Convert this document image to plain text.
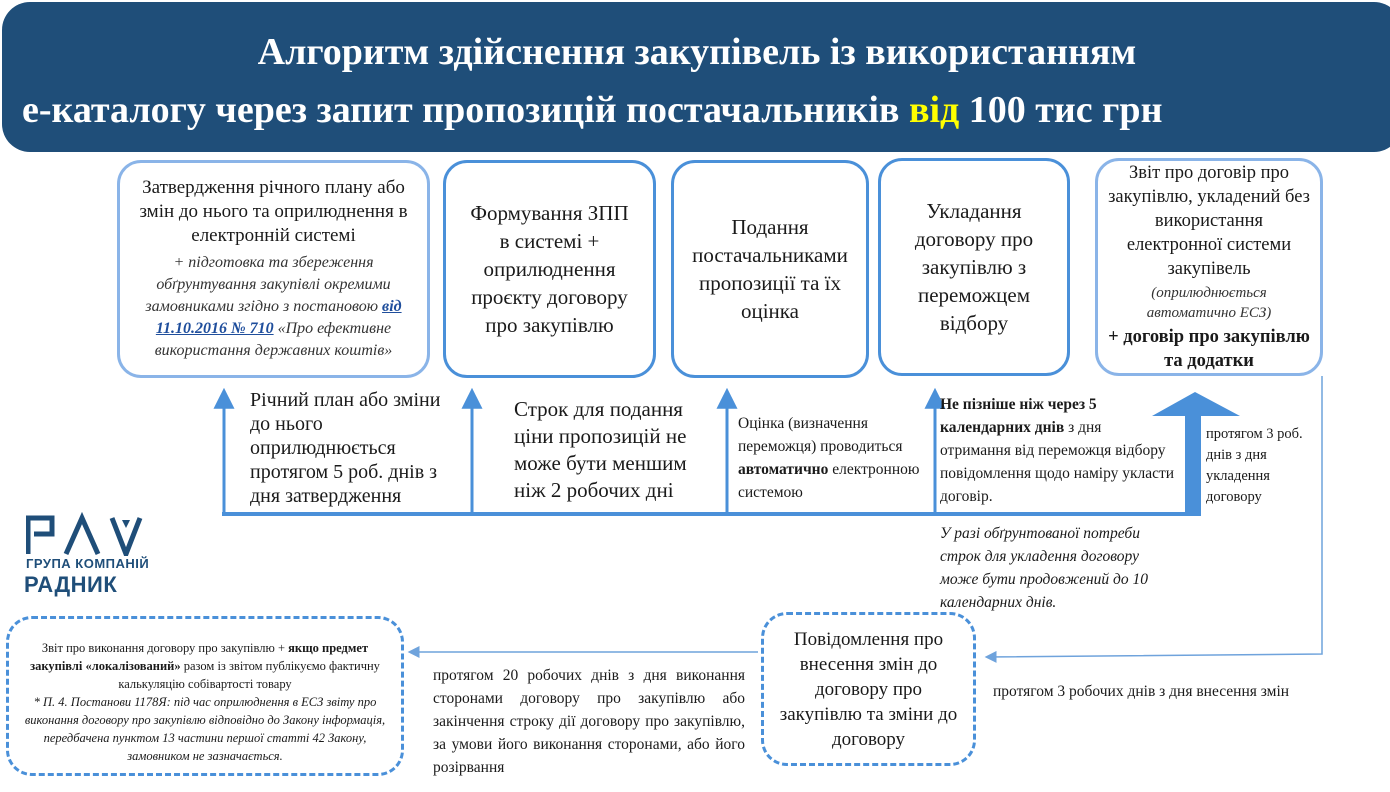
Алгоритм здійснення закупівель із використанням
е-каталогу через запит пропозицій постачальників від 100 тис грн
Затвердження річного плану або змін до нього та оприлюднення в електронній системі
+ підготовка та збереження обґрунтування закупівлі окремими замовниками згідно з постановою від 11.10.2016 № 710 «Про ефективне використання державних коштів»
Формування ЗПП в системі + оприлюднення проєкту договору про закупівлю
Подання постачальниками пропозиції та їх оцінка
Укладання договору про закупівлю з переможцем відбору
Звіт про договір про закупівлю, укладений без використання електронної системи закупівель
(оприлюднюється автоматично ЕСЗ)
+ договір про закупівлю та додатки
Річний план або зміни до нього оприлюднюється протягом 5 роб. днів з дня затвердження
Строк для подання ціни пропозицій не може бути меншим ніж 2 робочих дні
Оцінка (визначення переможця) проводиться автоматично електронною системою
Не пізніше ніж через 5 календарних днів з дня отримання від переможця відбору повідомлення щодо наміру укласти договір.
У разі обґрунтованої потреби строк для укладення договору може бути продовжений до 10 календарних днів.
протягом 3 роб. днів з дня укладення договору
протягом 3 робочих днів з дня внесення змін
протягом 20 робочих днів з дня виконання сторонами договору про закупівлю або закінчення строку дії договору про закупівлю, за умови його виконання сторонами, або його розірвання
Повідомлення про внесення змін до договору про закупівлю та зміни до договору
Звіт про виконання договору про закупівлю + якщо предмет закупівлі «локалізований» разом із звітом публікуємо фактичну калькуляцію собівартості товару
* П. 4. Постанови 1178Я: під час оприлюднення в ЕСЗ звіту про виконання договору про закупівлю відповідно до Закону інформація, передбачена пунктом 13 частини першої статті 42 Закону, замовником не зазначається.
ГРУПА КОМПАНІЙ
РАДНИК
